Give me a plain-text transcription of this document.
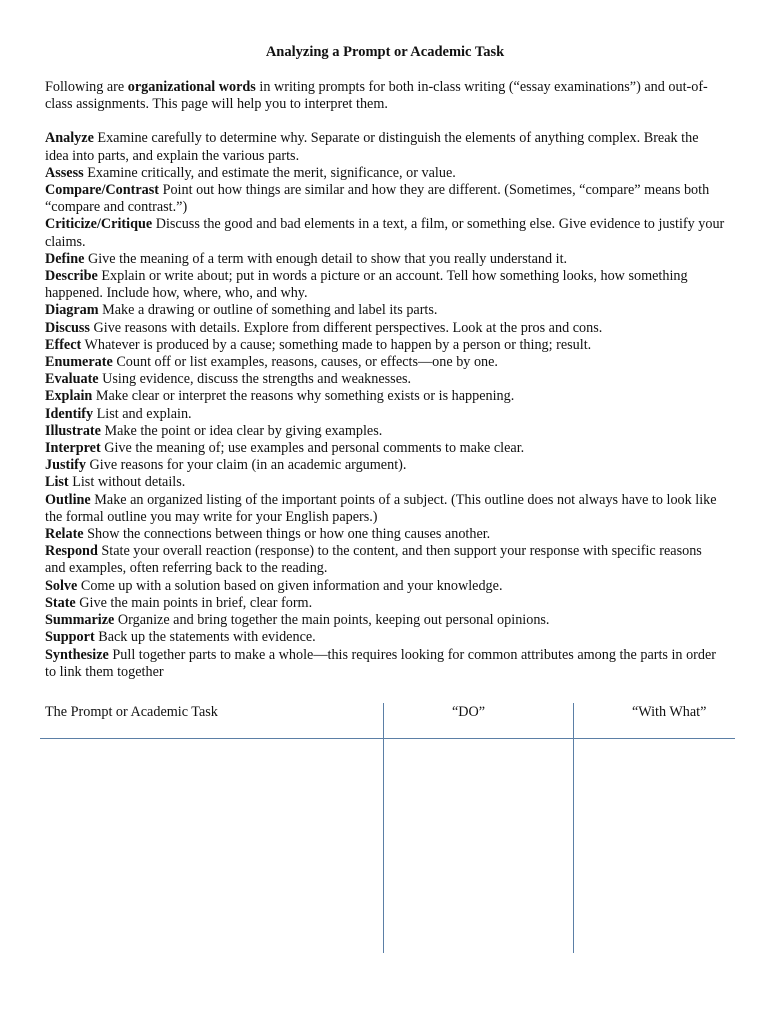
Analyzing a Prompt or Academic Task
Following are organizational words in writing prompts for both in-class writing (“essay examinations”) and out-of-class assignments. This page will help you to interpret them.

Analyze Examine carefully to determine why. Separate or distinguish the elements of anything complex. Break the idea into parts, and explain the various parts.

Assess Examine critically, and estimate the merit, significance, or value.

Compare/Contrast Point out how things are similar and how they are different. (Sometimes, “compare” means both “compare and contrast.”)

Criticize/Critique Discuss the good and bad elements in a text, a film, or something else. Give evidence to justify your claims.

Define Give the meaning of a term with enough detail to show that you really understand it.

Describe Explain or write about; put in words a picture or an account. Tell how something looks, how something happened. Include how, where, who, and why.

Diagram Make a drawing or outline of something and label its parts.

Discuss Give reasons with details. Explore from different perspectives. Look at the pros and cons.

Effect Whatever is produced by a cause; something made to happen by a person or thing; result.

Enumerate Count off or list examples, reasons, causes, or effects—one by one.

Evaluate Using evidence, discuss the strengths and weaknesses.

Explain Make clear or interpret the reasons why something exists or is happening.

Identify List and explain.

Illustrate Make the point or idea clear by giving examples.

Interpret Give the meaning of; use examples and personal comments to make clear.

Justify Give reasons for your claim (in an academic argument).

List List without details.

Outline Make an organized listing of the important points of a subject. (This outline does not always have to look like the formal outline you may write for your English papers.)

Relate Show the connections between things or how one thing causes another.

Respond State your overall reaction (response) to the content, and then support your response with specific reasons and examples, often referring back to the reading.

Solve Come up with a solution based on given information and your knowledge.

State Give the main points in brief, clear form.

Summarize Organize and bring together the main points, keeping out personal opinions.

Support Back up the statements with evidence.

Synthesize Pull together parts to make a whole—this requires looking for common attributes among the parts in order to link them together

The Prompt or Academic Task	“DO”	“With What”
